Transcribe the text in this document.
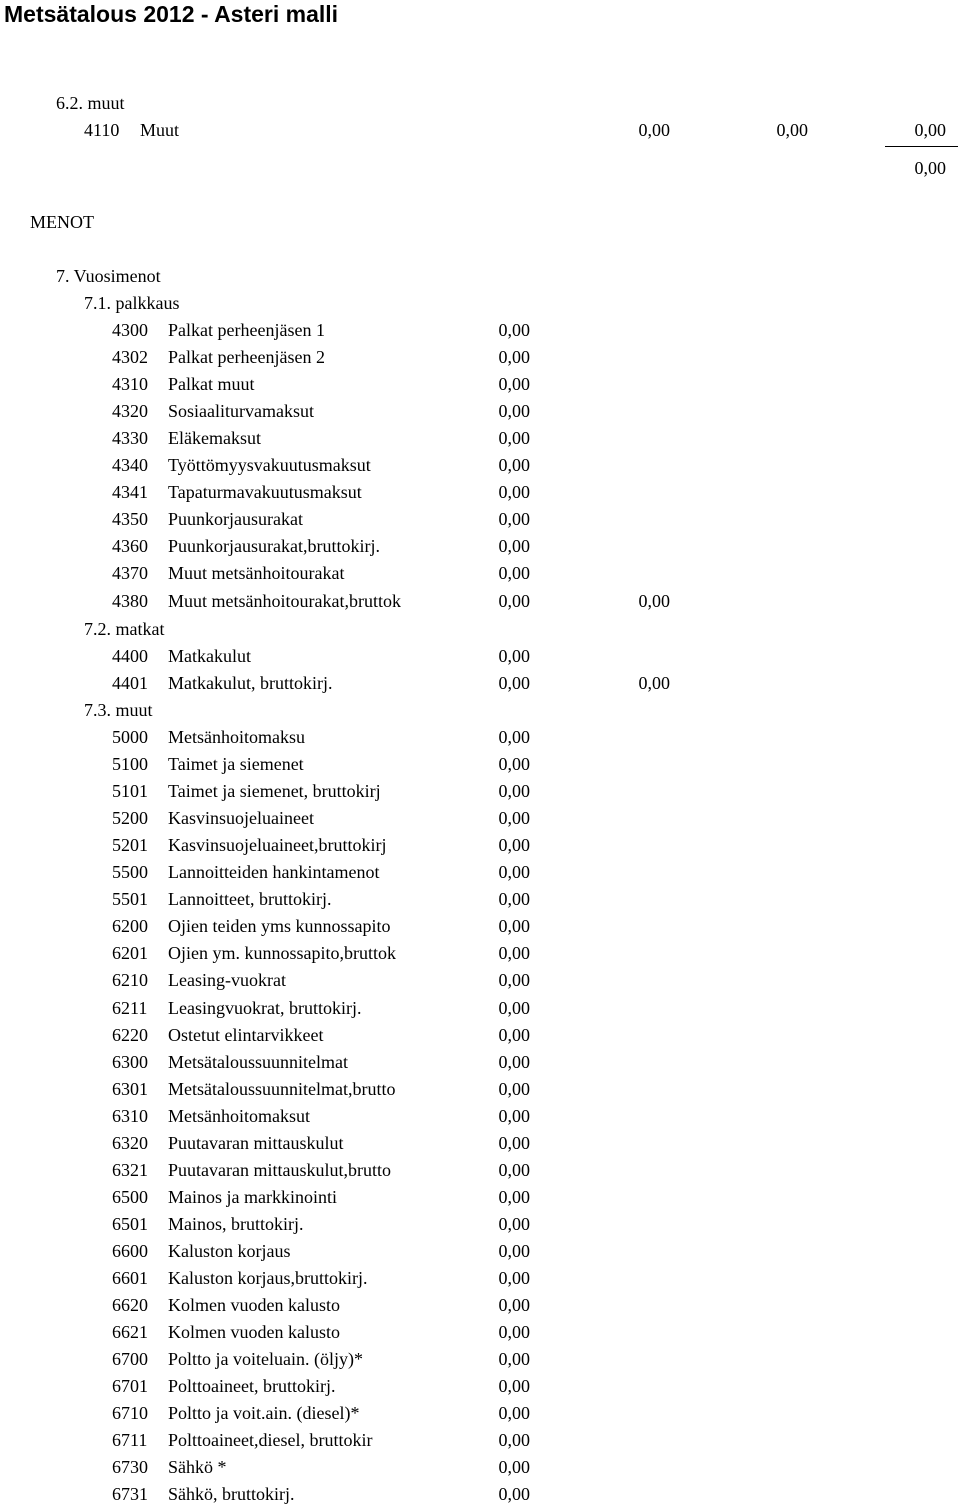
Metsätalous 2012 - Asteri malli
6.2. muut
4110 Muut	0,00	0,00	0,00
0,00
MENOT
7. Vuosimenot
7.1. palkkaus
4300 Palkat perheenjäsen 1	0,00
4302 Palkat perheenjäsen 2	0,00
4310 Palkat muut	0,00
4320 Sosiaaliturvamaksut	0,00
4330 Eläkemaksut	0,00
4340 Työttömyysvakuutusmaksut	0,00
4341 Tapaturmavakuutusmaksut	0,00
4350 Puunkorjausurakat	0,00
4360 Puunkorjausurakat,bruttokirj.	0,00
4370 Muut metsänhoitourakat	0,00
4380 Muut metsänhoitourakat,bruttok	0,00	0,00
7.2. matkat
4400 Matkakulut	0,00
4401 Matkakulut, bruttokirj.	0,00	0,00
7.3. muut
5000 Metsänhoitomaksu	0,00
5100 Taimet ja siemenet	0,00
5101 Taimet ja siemenet, bruttokirj	0,00
5200 Kasvinsuojeluaineet	0,00
5201 Kasvinsuojeluaineet,bruttokirj	0,00
5500 Lannoitteiden hankintamenot	0,00
5501 Lannoitteet, bruttokirj.	0,00
6200 Ojien teiden yms kunnossapito	0,00
6201 Ojien ym. kunnossapito,bruttok	0,00
6210 Leasing-vuokrat	0,00
6211 Leasingvuokrat, bruttokirj.	0,00
6220 Ostetut elintarvikkeet	0,00
6300 Metsätaloussuunnitelmat	0,00
6301 Metsätaloussuunnitelmat,brutto	0,00
6310 Metsänhoitomaksut	0,00
6320 Puutavaran mittauskulut	0,00
6321 Puutavaran mittauskulut,brutto	0,00
6500 Mainos ja markkinointi	0,00
6501 Mainos, bruttokirj.	0,00
6600 Kaluston korjaus	0,00
6601 Kaluston korjaus,bruttokirj.	0,00
6620 Kolmen vuoden kalusto	0,00
6621 Kolmen vuoden kalusto	0,00
6700 Poltto ja voiteluain. (öljy)*	0,00
6701 Polttoaineet, bruttokirj.	0,00
6710 Poltto ja voit.ain. (diesel)*	0,00
6711 Polttoaineet,diesel, bruttokir	0,00
6730 Sähkö *	0,00
6731 Sähkö, bruttokirj.	0,00
